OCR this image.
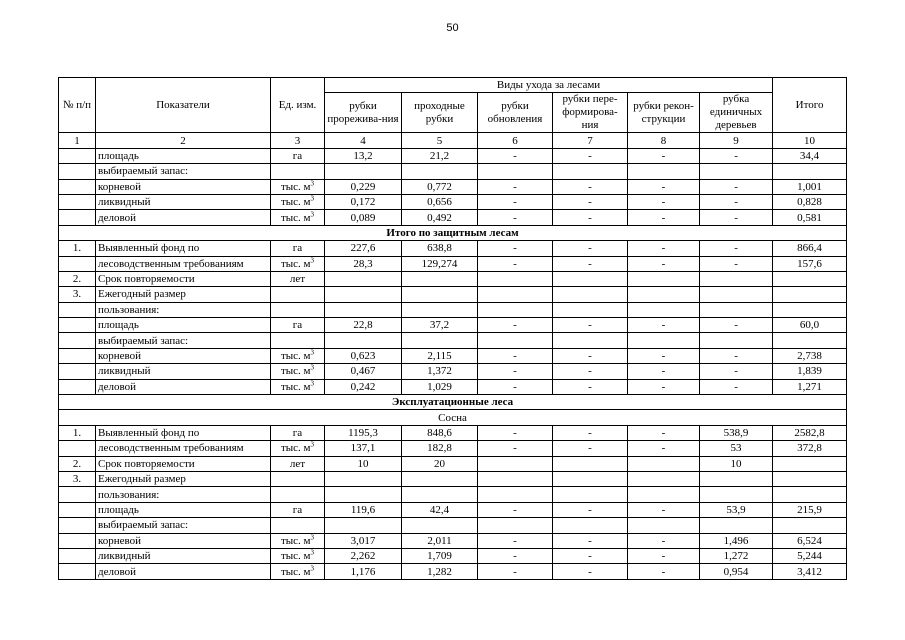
50
№ п/п	Показатели	Ед. изм.	Виды ухода за лесами						Итого
			рубки прорежива-ния	проходные рубки	рубки обновления	рубки пере-формирова-ния	рубки рекон-струкции	рубка единичных деревьев	
1	2	3	4	5	6	7	8	9	10
	площадь	га	13,2	21,2	-	-	-	-	34,4
	выбираемый запас:								
	корневой	тыс. $м^3$	0,229	0,772	-	-	-	-	1,001
	ликвидный	тыс. $м^3$	0,172	0,656	-	-	-	-	0,828
	деловой	тыс. $м^3$	0,089	0,492	-	-	-	-	0,581
Итого по защитным лесам									
1.	Выявленный фонд по	га	227,6	638,8	-	-	-	-	866,4
	лесоводственным требованиям	тыс. $м^3$	28,3	129,274	-	-	-	-	157,6
2.	Срок повторяемости	лет							
3.	Ежегодный размер								
	пользования:								
	площадь	га	22,8	37,2	-	-	-	-	60,0
	выбираемый запас:								
	корневой	тыс. $м^3$	0,623	2,115	-	-	-	-	2,738
	ликвидный	тыс. $м^3$	0,467	1,372	-	-	-	-	1,839
	деловой	тыс. $м^3$	0,242	1,029	-	-	-	-	1,271
Эксплуатационные леса									
Сосна									
1.	Выявленный фонд по	га	1195,3	848,6	-	-	-	538,9	2582,8
	лесоводственным требованиям	тыс. $м^3$	137,1	182,8	-	-	-	53	372,8
2.	Срок повторяемости	лет	10	20				10	
3.	Ежегодный размер								
	пользования:								
	площадь	га	119,6	42,4	-	-	-	53,9	215,9
	выбираемый запас:								
	корневой	тыс. $м^3$	3,017	2,011	-	-	-	1,496	6,524
	ликвидный	тыс. $м^3$	2,262	1,709	-	-	-	1,272	5,244
	деловой	тыс. $м^3$	1,176	1,282	-	-	-	0,954	3,412
